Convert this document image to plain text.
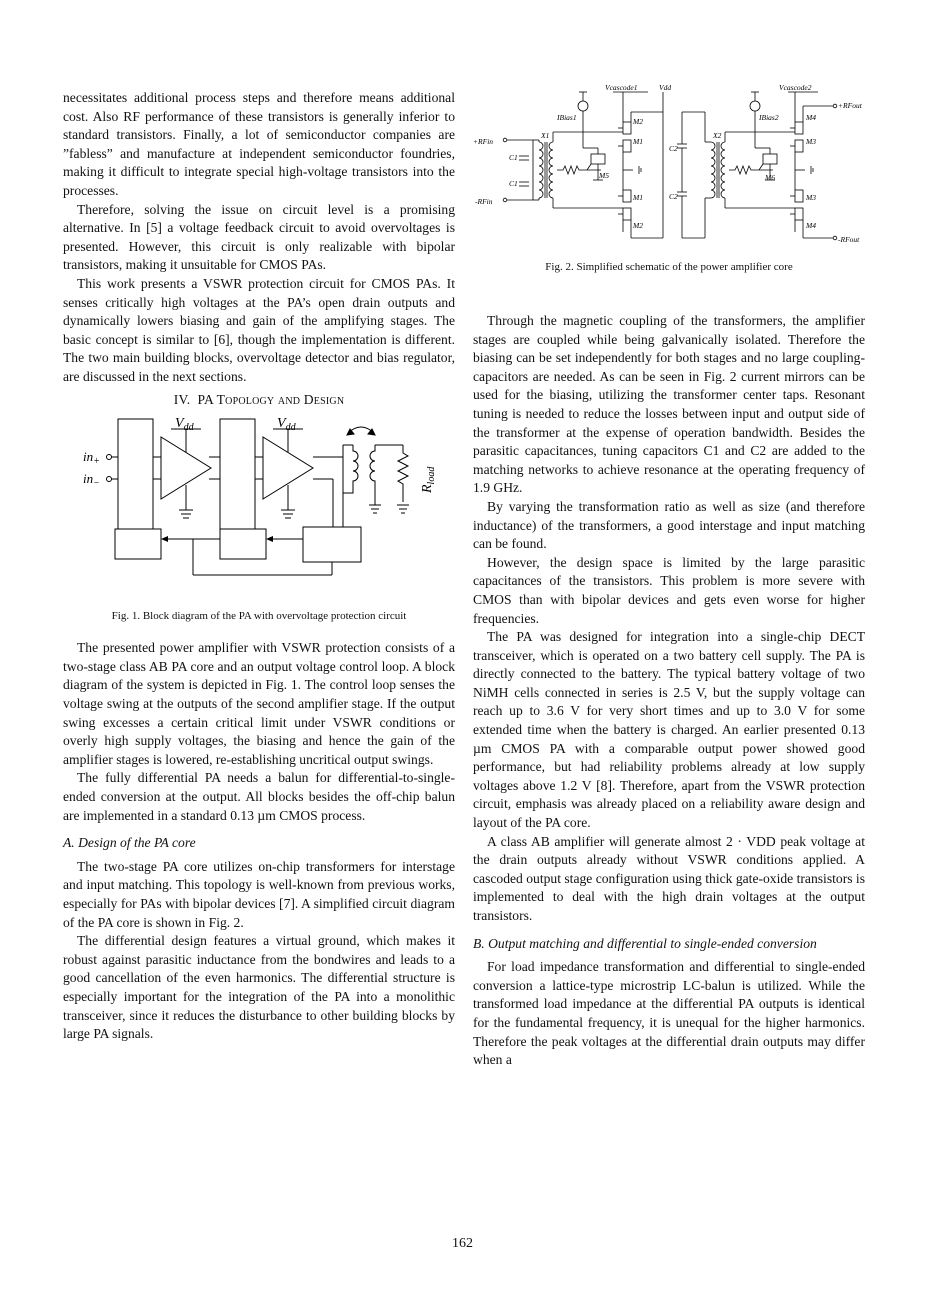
necessitates additional process steps and therefore means additional cost. Also RF performance of these transistors is generally inferior to standard transistors. Finally, a lot of semiconductor companies are ”fabless” and manufacture at independent semiconductor foundries, making it difficult to integrate special high-voltage transistors into the processes.

Therefore, solving the issue on circuit level is a promising alternative. In [5] a voltage feedback circuit to avoid overvoltages is presented. However, this circuit is only realizable with bipolar transistors, making it unsuitable for CMOS PAs.

This work presents a VSWR protection circuit for CMOS PAs. It senses critically high voltages at the PA’s open drain outputs and dynamically lowers biasing and gain of the amplifying stages. The basic concept is similar to [6], though the implementation is different. The two main building blocks, overvoltage detector and bias regulator, are discussed in the next sections.

IV. PA Topology and Design
$V_{dd}$	$V_{dd}$
$in_+$
$in_-$	$R_{load}$
Fig. 1. Block diagram of the PA with overvoltage protection circuit

The presented power amplifier with VSWR protection consists of a two-stage class AB PA core and an output voltage control loop. A block diagram of the system is depicted in Fig. 1. The control loop senses the voltage swing at the outputs of the second amplifier stage. If the output swing excesses a certain critical limit under VSWR conditions or overly high supply voltages, the biasing and hence the gain of the amplifier stages is lowered, re-establishing uncritical output swings.

The fully differential PA needs a balun for differential-to-single-ended conversion at the output. All blocks besides the off-chip balun are implemented in a standard 0.13 µm CMOS process.

A. Design of the PA core

The two-stage PA core utilizes on-chip transformers for interstage and input matching. This topology is well-known from previous works, especially for PAs with bipolar devices [7]. A simplified circuit diagram of the PA core is shown in Fig. 2.

The differential design features a virtual ground, which makes it robust against parasitic inductance from the bondwires and leads to a good cancellation of the even harmonics. The differential structure is especially important for the integration of the PA into a monolithic transceiver, since it reduces the disturbance to other building blocks by large PA signals.

Vcascode1	Vdd	Vcascode2
+RFout
-RFout
+RFin
-RFin
IBias1	IBias2
X1	X2
C1
C1
C2
C2
M2
M1
M5
M1
M2
M4
M3
M6
M3
M4
Fig. 2. Simplified schematic of the power amplifier core

Through the magnetic coupling of the transformers, the amplifier stages are coupled while being galvanically isolated. Therefore the biasing can be set independently for both stages and no large coupling-capacitors are needed. As can be seen in Fig. 2 current mirrors can be used for the biasing, utilizing the transformer center taps. Resonant tuning is needed to reduce the losses between input and output side of the transformer at the expense of operation bandwidth. Besides the parasitic capacitances, tuning capacitors C1 and C2 are added to the matching networks to achieve resonance at the operating frequency of 1.9 GHz.

By varying the transformation ratio as well as size (and therefore inductance) of the transformers, a good interstage and input matching can be found.

However, the design space is limited by the large parasitic capacitances of the transistors. This problem is more severe with CMOS than with bipolar devices and gets even worse for higher frequencies.

The PA was designed for integration into a single-chip DECT transceiver, which is operated on a two battery cell supply. The PA is directly connected to the battery. The typical battery voltage of two NiMH cells connected in series is 2.5 V, but the supply voltage can reach up to 3.6 V for very short times and up to 3.0 V for some extended time when the battery is charged. An earlier presented 0.13 µm CMOS PA with a comparable output power showed good performance, but had reliability problems already at low supply voltages above 1.2 V [8]. Therefore, apart from the VSWR protection circuit, emphasis was already placed on a reliability aware design and layout of the PA core.

A class AB amplifier will generate almost 2 · VDD peak voltage at the drain outputs already without VSWR conditions applied. A cascoded output stage configuration using thick gate-oxide transistors is implemented to deal with the high drain voltages at the output transistors.

B. Output matching and differential to single-ended conversion

For load impedance transformation and differential to single-ended conversion a lattice-type microstrip LC-balun is utilized. While the transformed load impedance at the differential PA outputs is identical for the fundamental frequency, it is unequal for the higher harmonics. Therefore the peak voltages at the differential drain outputs may differ when a

162
